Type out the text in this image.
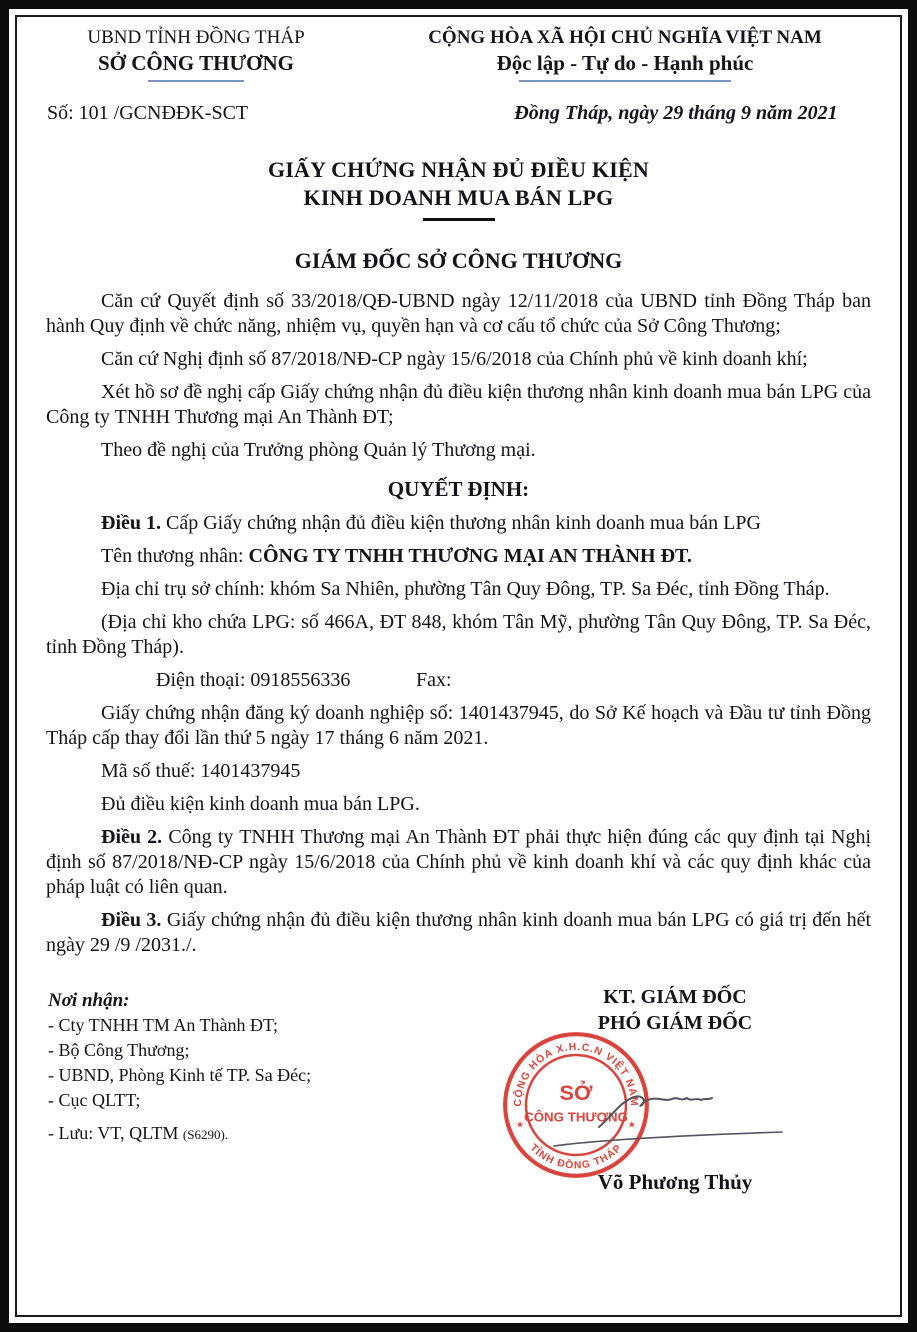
UBND TỈNH ĐỒNG THÁP
SỞ CÔNG THƯƠNG
CỘNG HÒA XÃ HỘI CHỦ NGHĨA VIỆT NAM
Độc lập - Tự do - Hạnh phúc
Số: 101 /GCNĐĐK-SCT	Đồng Tháp, ngày 29 tháng 9 năm 2021
GIẤY CHỨNG NHẬN ĐỦ ĐIỀU KIỆN
KINH DOANH MUA BÁN LPG
GIÁM ĐỐC SỞ CÔNG THƯƠNG

Căn cứ Quyết định số 33/2018/QĐ-UBND ngày 12/11/2018 của UBND tỉnh Đồng Tháp ban hành Quy định về chức năng, nhiệm vụ, quyền hạn và cơ cấu tổ chức của Sở Công Thương;

Căn cứ Nghị định số 87/2018/NĐ-CP ngày 15/6/2018 của Chính phủ về kinh doanh khí;

Xét hồ sơ đề nghị cấp Giấy chứng nhận đủ điều kiện thương nhân kinh doanh mua bán LPG của Công ty TNHH Thương mại An Thành ĐT;

Theo đề nghị của Trưởng phòng Quản lý Thương mại.

QUYẾT ĐỊNH:

Điều 1. Cấp Giấy chứng nhận đủ điều kiện thương nhân kinh doanh mua bán LPG

Tên thương nhân: CÔNG TY TNHH THƯƠNG MẠI AN THÀNH ĐT.

Địa chỉ trụ sở chính: khóm Sa Nhiên, phường Tân Quy Đông, TP. Sa Đéc, tỉnh Đồng Tháp.

(Địa chỉ kho chứa LPG: số 466A, ĐT 848, khóm Tân Mỹ, phường Tân Quy Đông, TP. Sa Đéc, tỉnh Đồng Tháp).

Điện thoại: 0918556336	Fax:

Giấy chứng nhận đăng ký doanh nghiệp số: 1401437945, do Sở Kế hoạch và Đầu tư tỉnh Đồng Tháp cấp thay đổi lần thứ 5 ngày 17 tháng 6 năm 2021.

Mã số thuế: 1401437945

Đủ điều kiện kinh doanh mua bán LPG.

Điều 2. Công ty TNHH Thương mại An Thành ĐT phải thực hiện đúng các quy định tại Nghị định số 87/2018/NĐ-CP ngày 15/6/2018 của Chính phủ về kinh doanh khí và các quy định khác của pháp luật có liên quan.

Điều 3. Giấy chứng nhận đủ điều kiện thương nhân kinh doanh mua bán LPG có giá trị đến hết ngày 29 /9 /2031./.

Nơi nhận:
- Cty TNHH TM An Thành ĐT;
- Bộ Công Thương;
- UBND, Phòng Kinh tế TP. Sa Đéc;
- Cục QLTT;
- Lưu: VT, QLTM (S6290).
KT. GIÁM ĐỐC
PHÓ GIÁM ĐỐC
CỘNG HÒA X.H.C.N VIỆT NAM
TỈNH ĐỒNG THÁP
★	★
SỞ
CÔNG THƯƠNG
Võ Phương Thủy
